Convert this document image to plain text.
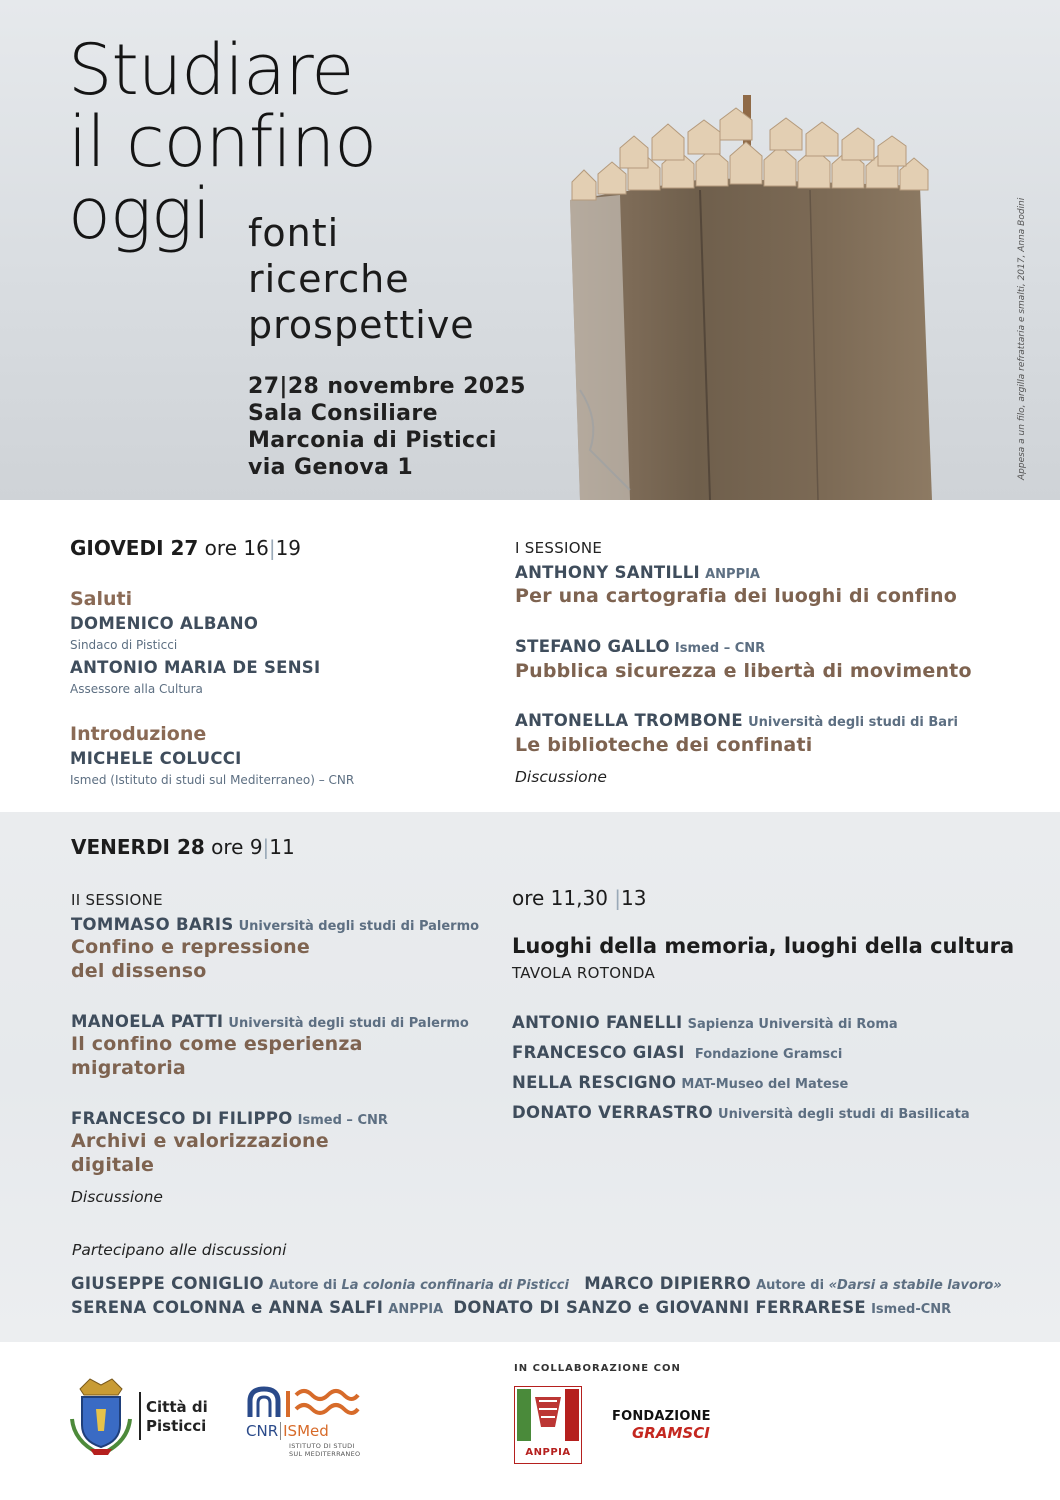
Studiare
il confino
oggi fonti
ricerche
prospettive
27|28 novembre 2025
Sala Consiliare
Marconia di Pisticci
via Genova 1	Appesa a un filo, argilla refrattaria e smalti, 2017, Anna Bodini
GIOVEDI 27 ore 16|19
Saluti
DOMENICO ALBANO
Sindaco di Pisticci
ANTONIO MARIA DE SENSI
Assessore alla Cultura
Introduzione
MICHELE COLUCCI
Ismed (Istituto di studi sul Mediterraneo) – CNR
I SESSIONE
ANTHONY SANTILLI ANPPIA
Per una cartografia dei luoghi di confino
STEFANO GALLO Ismed – CNR
Pubblica sicurezza e libertà di movimento
ANTONELLA TROMBONE Università degli studi di Bari
Le biblioteche dei confinati
Discussione
VENERDI 28 ore 9|11
II SESSIONE
TOMMASO BARIS Università degli studi di Palermo
Confino e repressione
del dissenso
MANOELA PATTI Università degli studi di Palermo
Il confino come esperienza
migratoria
FRANCESCO DI FILIPPO Ismed – CNR
Archivi e valorizzazione
digitale
Discussione
ore 11,30 |13
Luoghi della memoria, luoghi della cultura
TAVOLA ROTONDA
ANTONIO FANELLI Sapienza Università di Roma
FRANCESCO GIASI Fondazione Gramsci
NELLA RESCIGNO MAT-Museo del Matese
DONATO VERRASTRO Università degli studi di Basilicata
Partecipano alle discussioni
GIUSEPPE CONIGLIO Autore di La colonia confinaria di Pisticci MARCO DIPIERRO Autore di «Darsi a stabile lavoro»
SERENA COLONNA e ANNA SALFI ANPPIA DONATO DI SANZO e GIOVANNI FERRARESE Ismed-CNR
Città di
Pisticci	CNR ISMed
ISTITUTO DI STUDI
SUL MEDITERRANEO
IN COLLABORAZIONE CON
ANPPIA
FONDAZIONE
GRAMSCI
